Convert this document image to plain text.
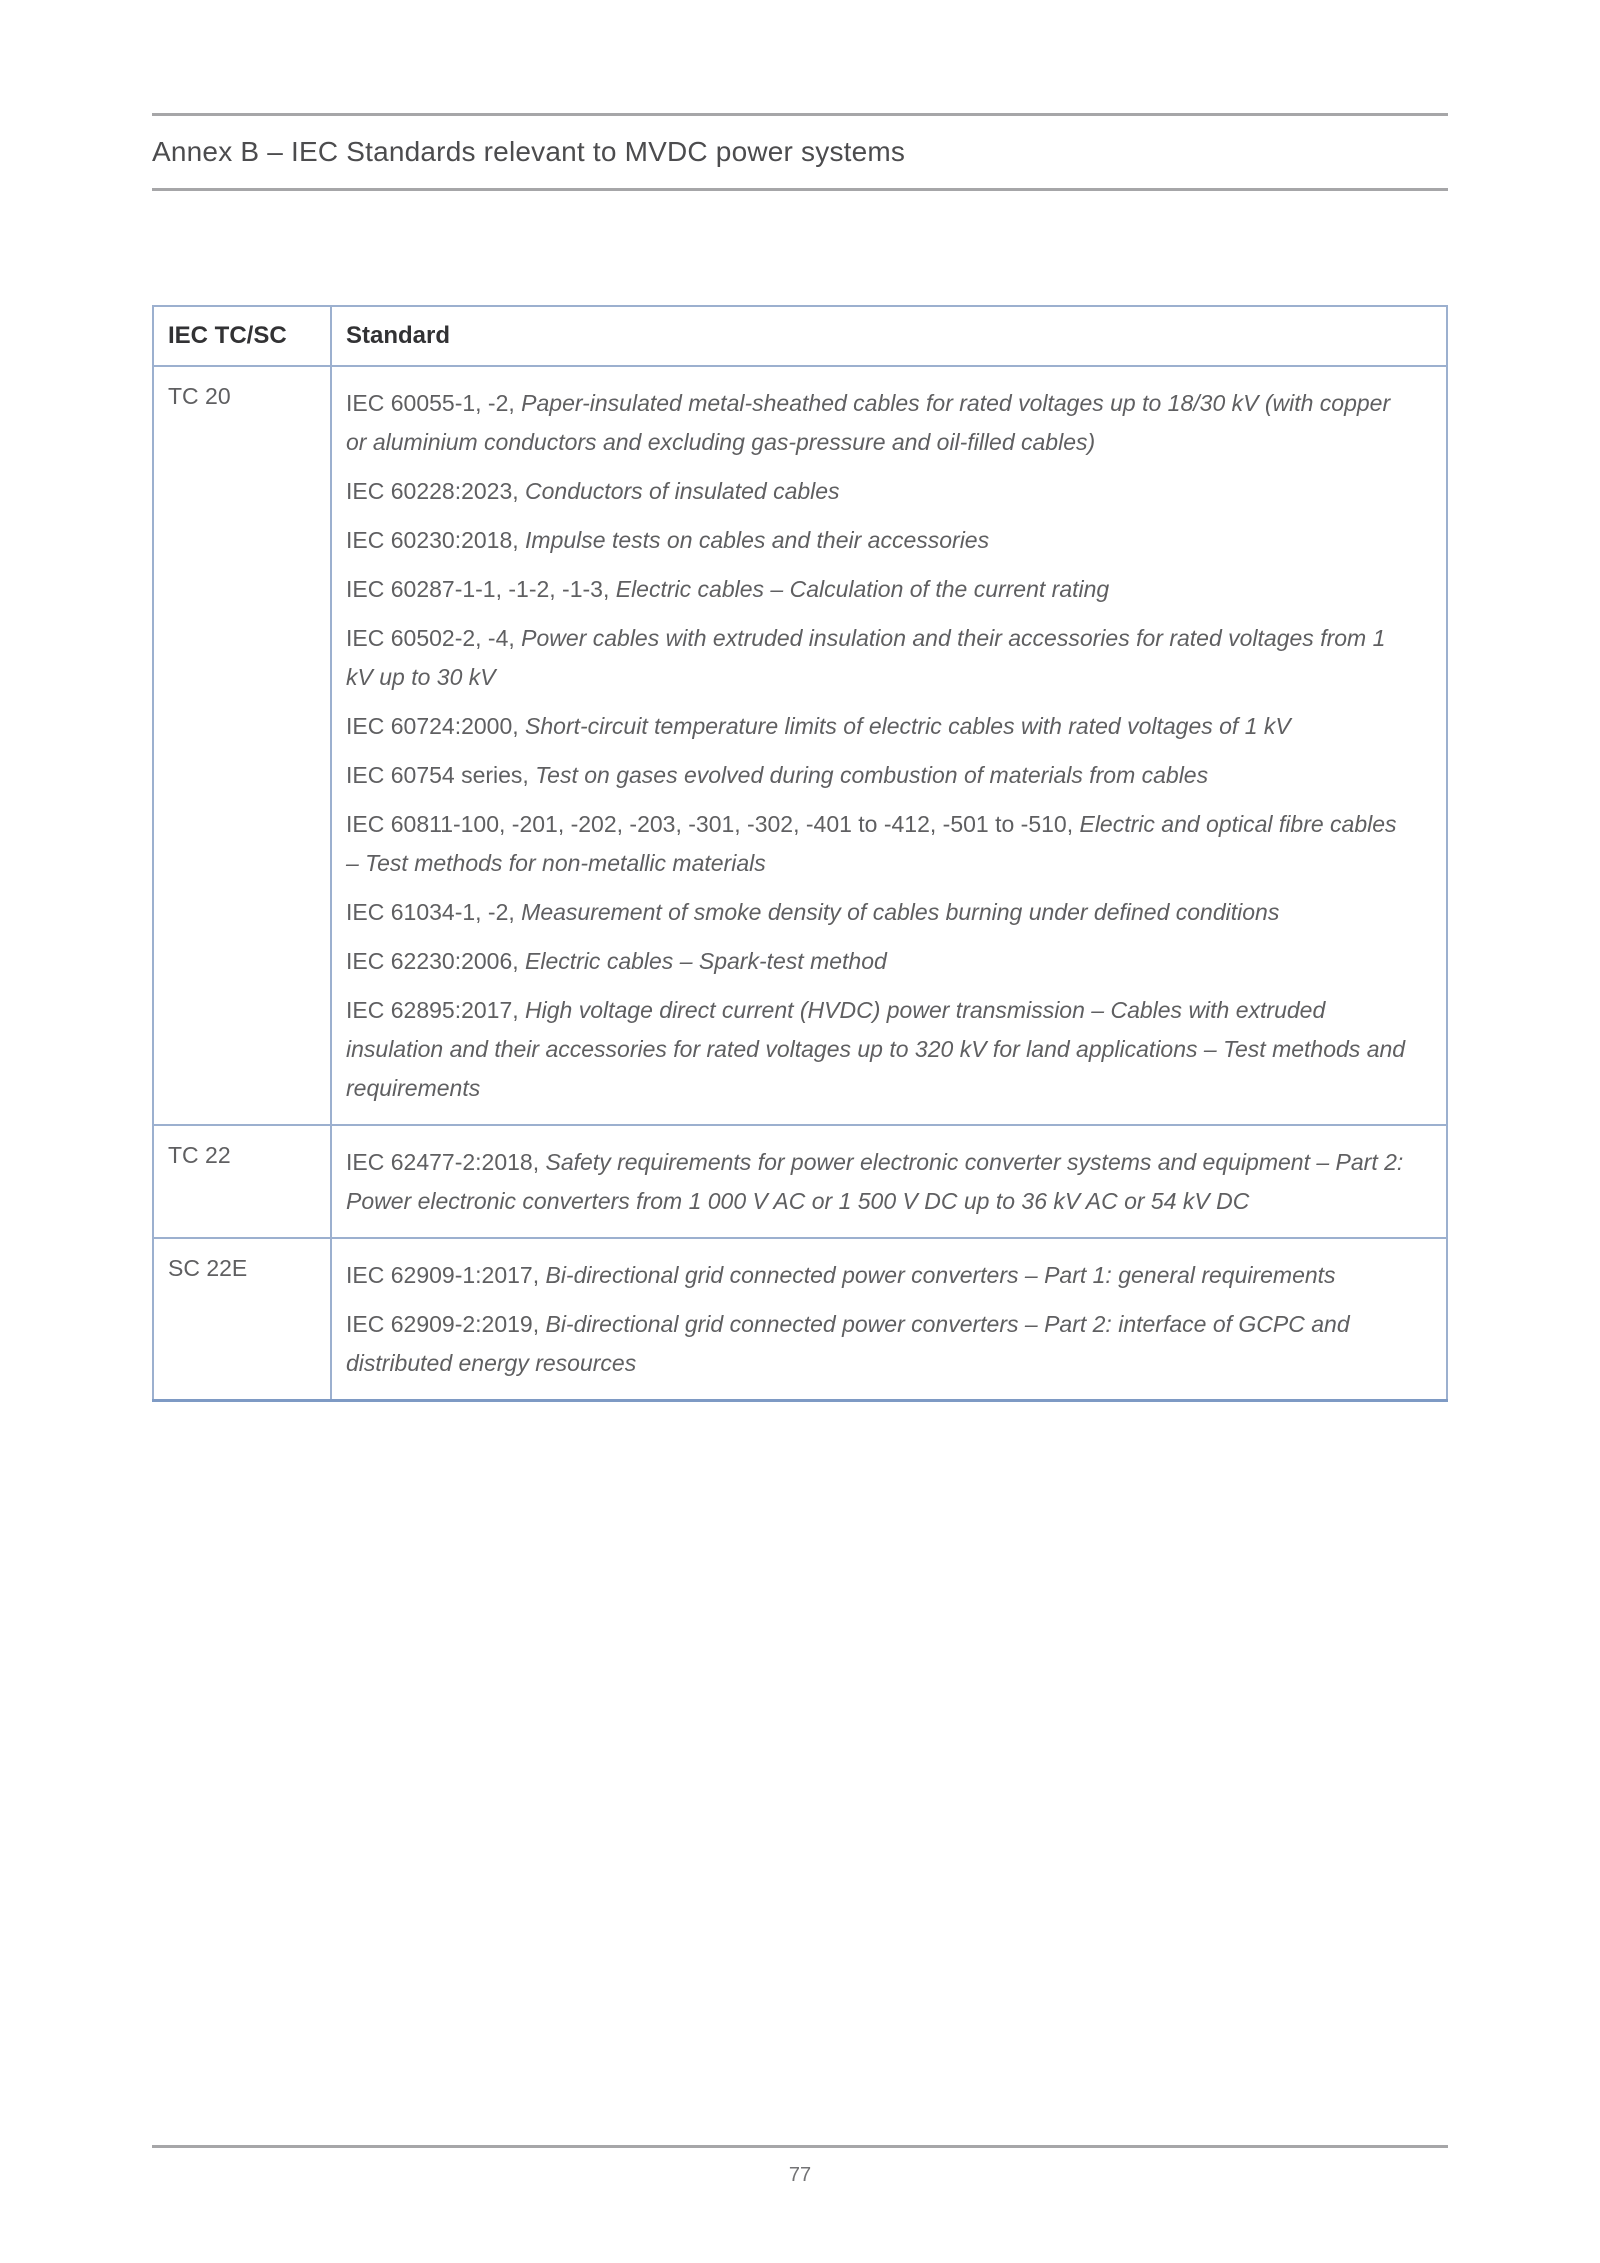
Annex B – IEC Standards relevant to MVDC power systems
IEC TC/SC	Standard
TC 20	IEC 60055-1, -2, Paper-insulated metal-sheathed cables for rated voltages up to 18/30 kV (with copper or aluminium conductors and excluding gas-pressure and oil-filled cables)

IEC 60228:2023, Conductors of insulated cables

IEC 60230:2018, Impulse tests on cables and their accessories

IEC 60287-1-1, -1-2, -1-3, Electric cables – Calculation of the current rating

IEC 60502-2, -4, Power cables with extruded insulation and their accessories for rated voltages from 1 kV up to 30 kV

IEC 60724:2000, Short-circuit temperature limits of electric cables with rated voltages of 1 kV

IEC 60754 series, Test on gases evolved during combustion of materials from cables

IEC 60811-100, -201, -202, -203, -301, -302, -401 to -412, -501 to -510, Electric and optical fibre cables – Test methods for non-metallic materials

IEC 61034-1, -2, Measurement of smoke density of cables burning under defined conditions

IEC 62230:2006, Electric cables – Spark-test method

IEC 62895:2017, High voltage direct current (HVDC) power transmission – Cables with extruded insulation and their accessories for rated voltages up to 320 kV for land applications – Test methods and requirements

TC 22	IEC 62477-2:2018, Safety requirements for power electronic converter systems and equipment – Part 2: Power electronic converters from 1 000 V AC or 1 500 V DC up to 36 kV AC or 54 kV DC

SC 22E	IEC 62909-1:2017, Bi-directional grid connected power converters – Part 1: general requirements

IEC 62909-2:2019, Bi-directional grid connected power converters – Part 2: interface of GCPC and distributed energy resources

77
